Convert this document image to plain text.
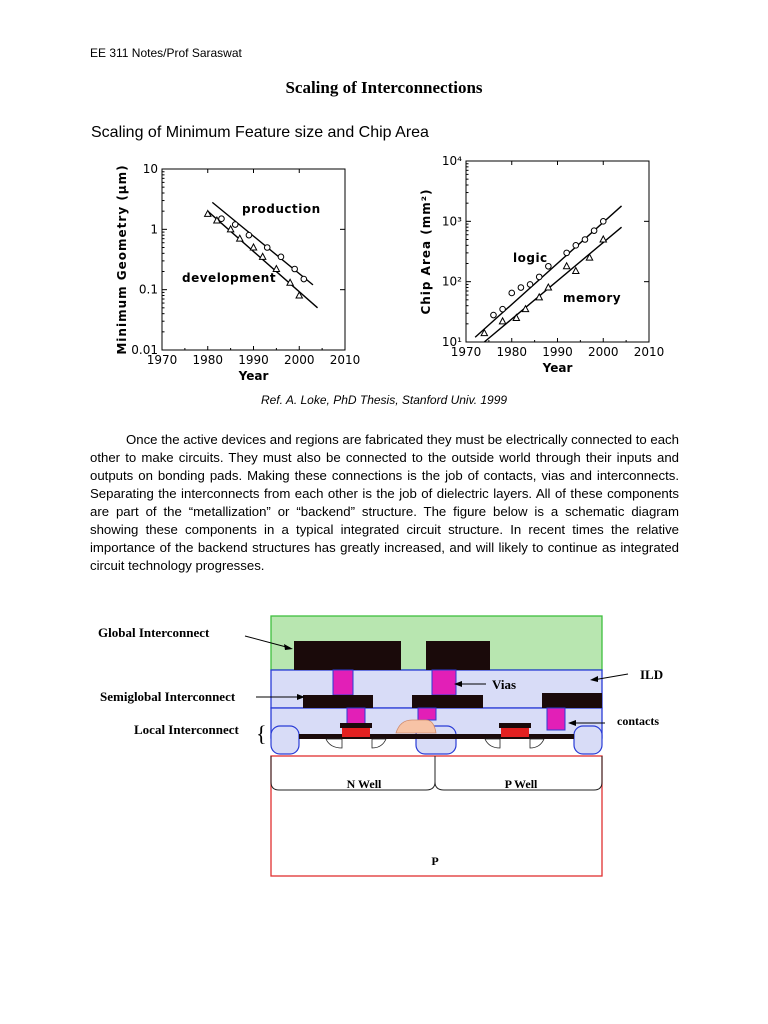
EE 311 Notes/Prof Saraswat
Scaling of Interconnections
Scaling of Minimum Feature size and Chip Area
1970 1980 1990 2000 2010
0.01
0.1
1
10
Year
Minimum Geometry (µm)	production
development
1970 1980 1990 2000 2010
10¹
10²
10³
10⁴
Year
Chip Area (mm²)	logic
memory
Ref. A. Loke, PhD Thesis, Stanford Univ. 1999
Once the active devices and regions are fabricated they must be electrically connected to each other to make circuits. They must also be connected to the outside world through their inputs and outputs on bonding pads. Making these connections is the job of contacts, vias and interconnects. Separating the interconnects from each other is the job of dielectric layers. All of these components are part of the “metallization” or “backend” structure. The figure below is a schematic diagram showing these components in a typical integrated circuit structure. In recent times the relative importance of the backend structures has greatly increased, and will likely to continue as integrated circuit technology progresses.
Global Interconnect
Semiglobal Interconnect
Local Interconnect {
Vias
ILD
contacts
N Well	P Well
P
